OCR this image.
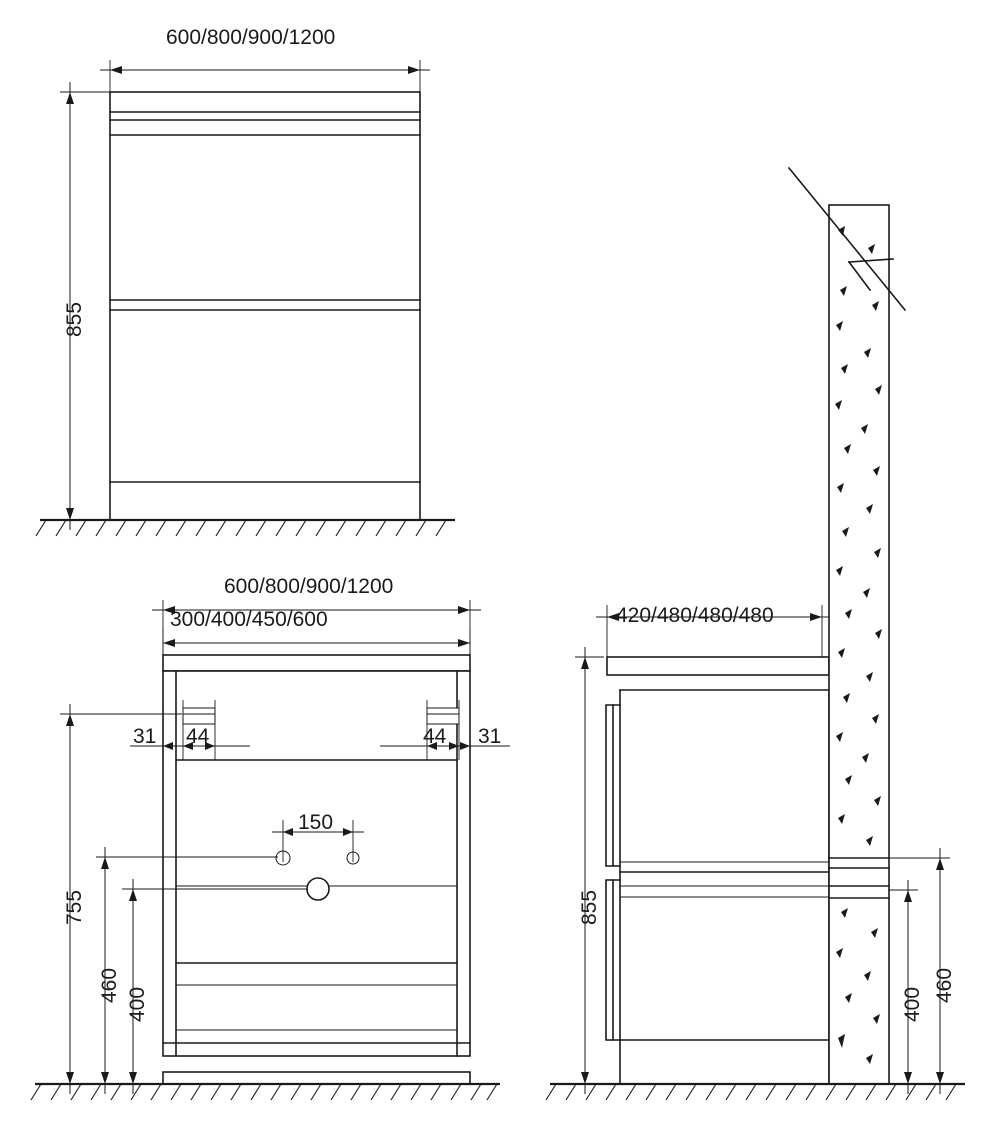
600/800/900/1200
855
600/800/900/1200
300/400/450/600
31 44	44 31
150
755
460
400
420/480/480/480
855
460
400
